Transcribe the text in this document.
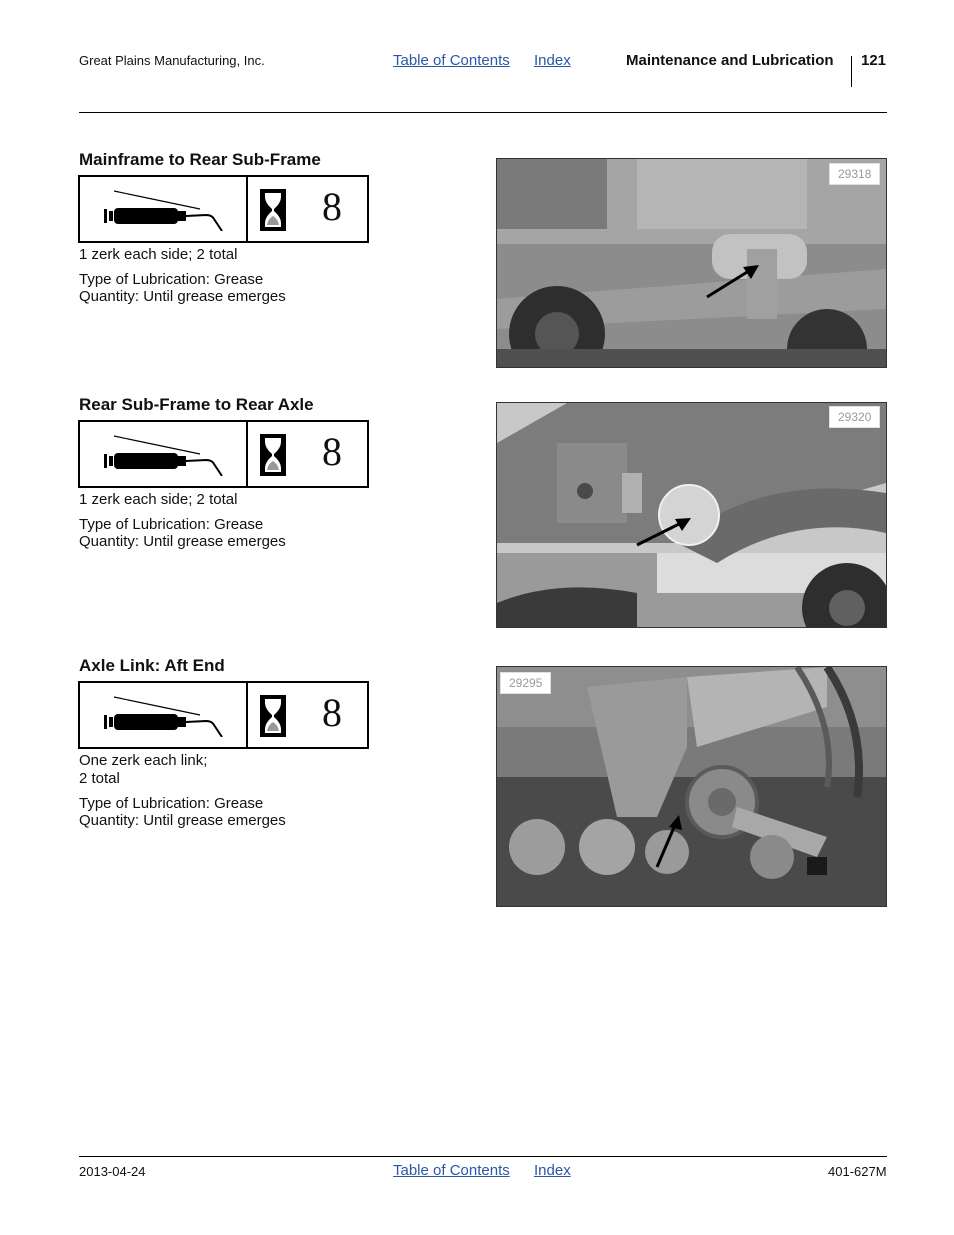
Great Plains Manufacturing, Inc.	Table of Contents Index	Maintenance and Lubrication 121
Mainframe to Rear Sub-Frame
8
1 zerk each side; 2 total
Type of Lubrication: Grease
Quantity: Until grease emerges
29318
Rear Sub-Frame to Rear Axle
8
1 zerk each side; 2 total
Type of Lubrication: Grease
Quantity: Until grease emerges
29320
Axle Link: Aft End
8
One zerk each link;
2 total
Type of Lubrication: Grease
Quantity: Until grease emerges
29295
2013-04-24	Table of Contents Index	401-627M
